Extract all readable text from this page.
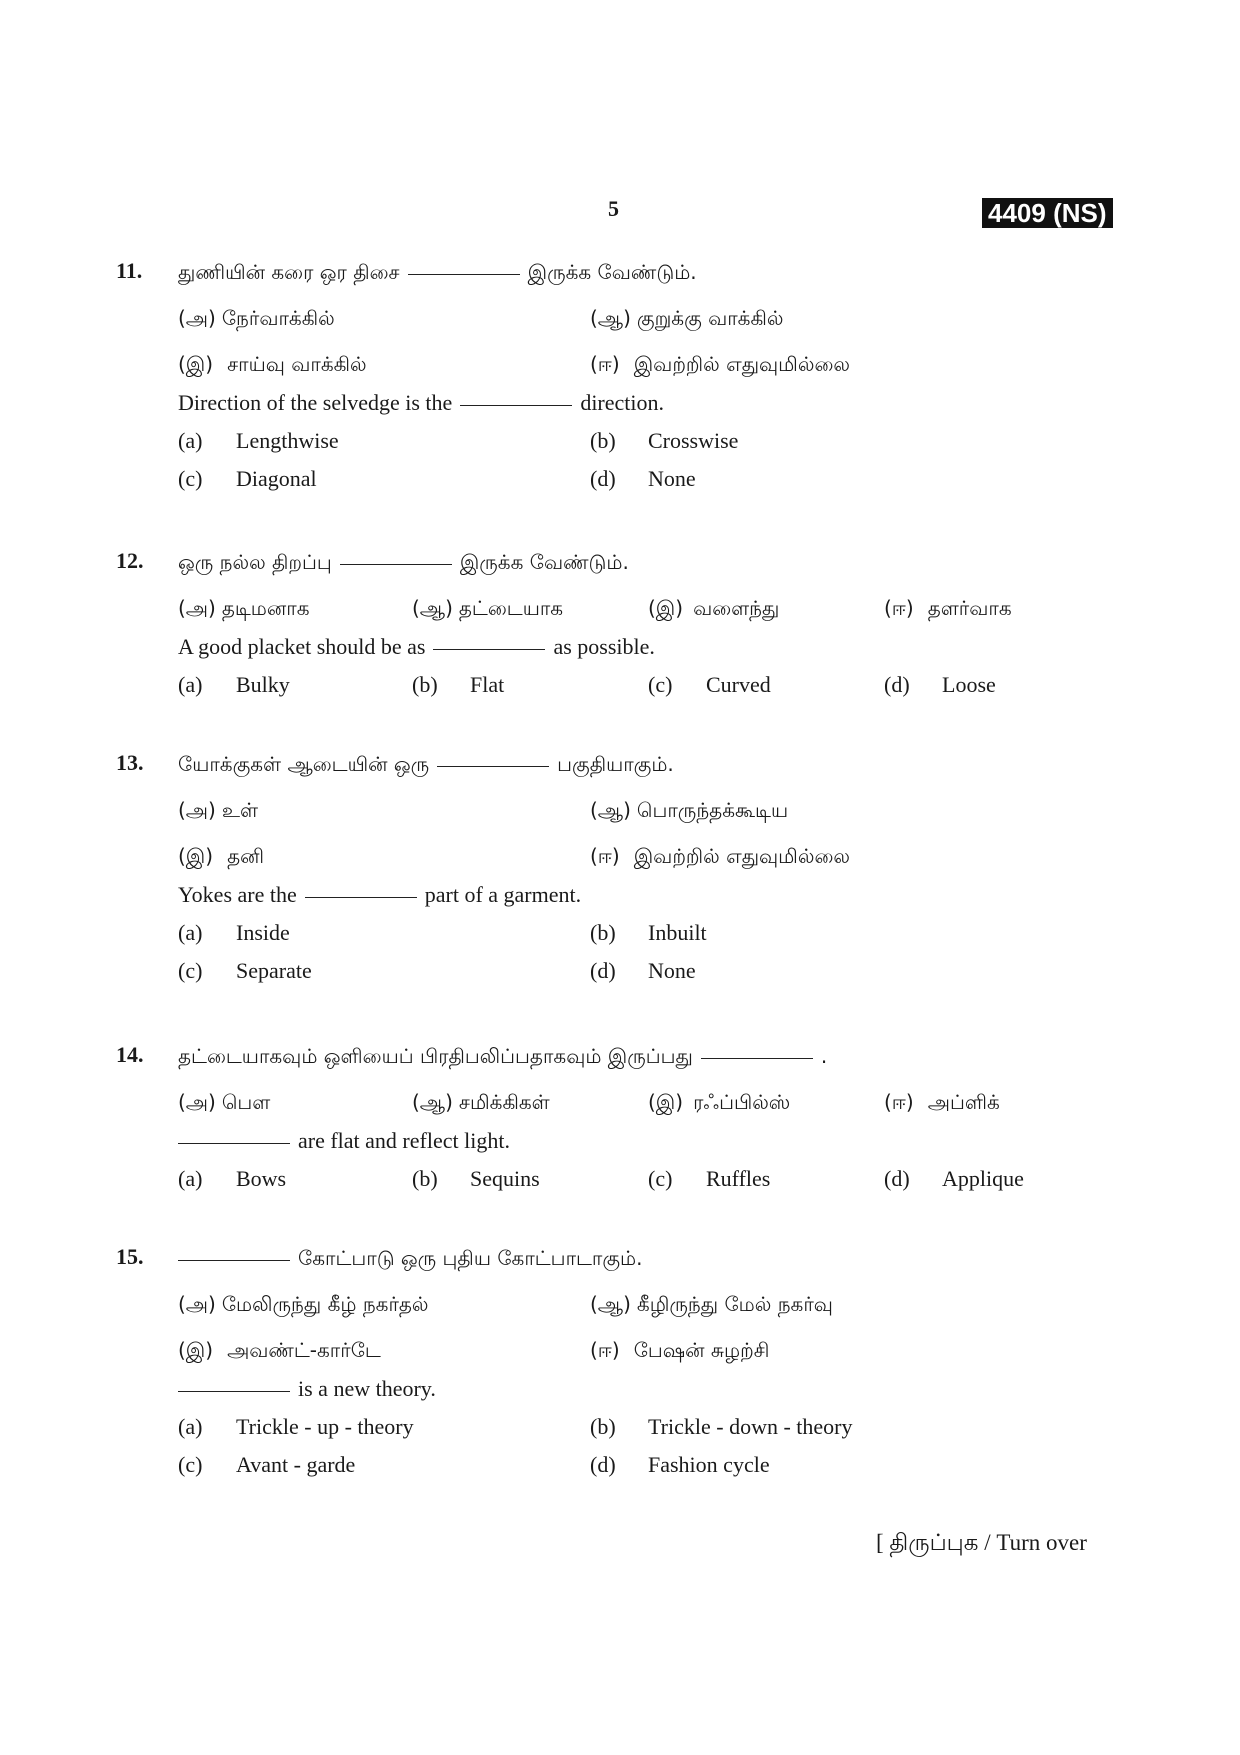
5	4409 (NS)
11. துணியின் கரை ஒர திசை	இருக்க வேண்டும்.
(அ) நேர்வாக்கில்	(ஆ) குறுக்கு வாக்கில்
(இ) சாய்வு வாக்கில்	(ஈ) இவற்றில் எதுவுமில்லை
Direction of the selvedge is the	direction.
(a) Lengthwise	(b) Crosswise
(c) Diagonal	(d) None
12. ஒரு நல்ல திறப்பு	இருக்க வேண்டும்.
(அ) தடிமனாக	(ஆ) தட்டையாக	(இ) வளைந்து	(ஈ) தளர்வாக
A good placket should be as	as possible.
(a) Bulky	(b) Flat	(c) Curved	(d) Loose
13. யோக்குகள் ஆடையின் ஒரு	பகுதியாகும்.
(அ) உள்	(ஆ) பொருந்தக்கூடிய
(இ) தனி	(ஈ) இவற்றில் எதுவுமில்லை
Yokes are the	part of a garment.
(a) Inside	(b) Inbuilt
(c) Separate	(d) None
14. தட்டையாகவும் ஒளியைப் பிரதிபலிப்பதாகவும் இருப்பது	.
(அ) பௌ	(ஆ) சமிக்கிகள்	(இ) ரஃப்பில்ஸ்	(ஈ) அப்ளிக்
are flat and reflect light.
(a) Bows	(b) Sequins	(c) Ruffles	(d) Applique
15.	கோட்பாடு ஒரு புதிய கோட்பாடாகும்.
(அ) மேலிருந்து கீழ் நகர்தல்	(ஆ) கீழிருந்து மேல் நகர்வு
(இ) அவண்ட்-கார்டே	(ஈ) பேஷன் சுழற்சி
is a new theory.
(a) Trickle - up - theory	(b) Trickle - down - theory
(c) Avant - garde	(d) Fashion cycle
[ திருப்புக / Turn over
